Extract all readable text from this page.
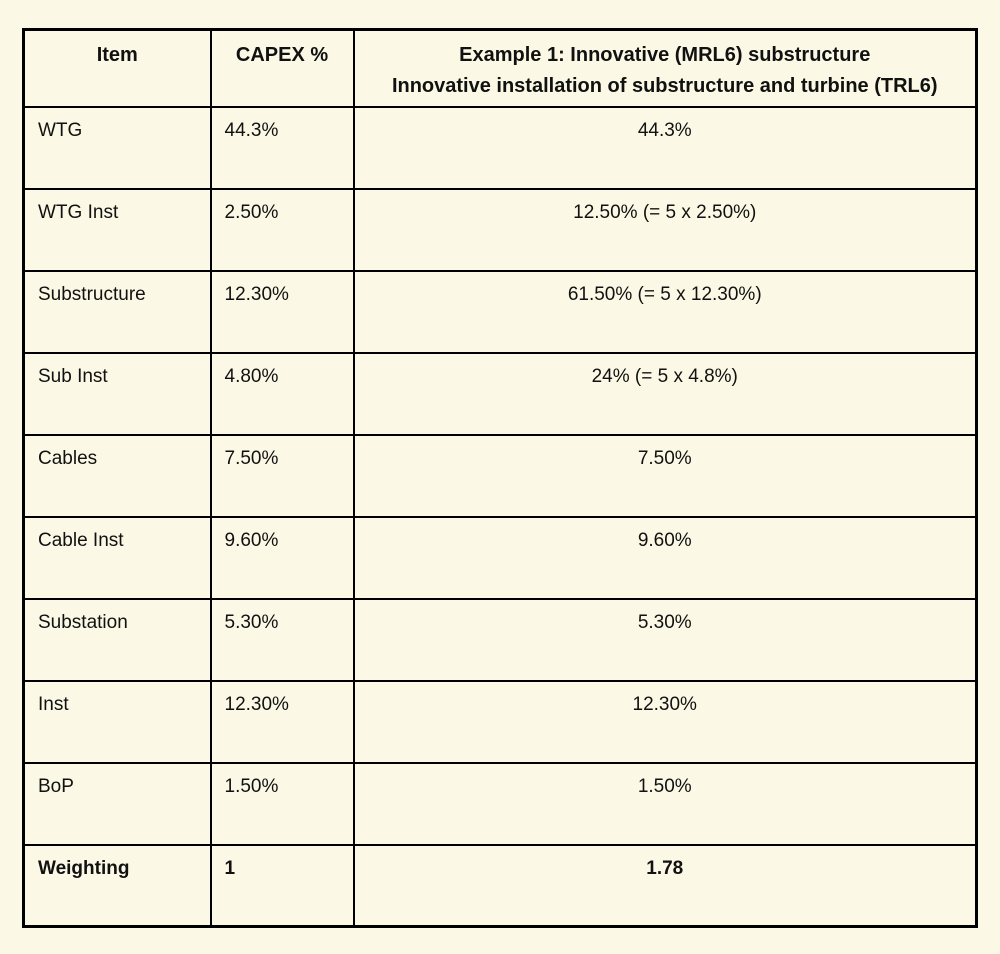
Item	CAPEX %	Example 1: Innovative (MRL6) substructure
Innovative installation of substructure and turbine (TRL6)

WTG	44.3%	44.3%
WTG Inst	2.50%	12.50% (= 5 x 2.50%)
Substructure	12.30%	61.50% (= 5 x 12.30%)
Sub Inst	4.80%	24% (= 5 x 4.8%)
Cables	7.50%	7.50%
Cable Inst	9.60%	9.60%
Substation	5.30%	5.30%
Inst	12.30%	12.30%
BoP	1.50%	1.50%
Weighting	1	1.78
